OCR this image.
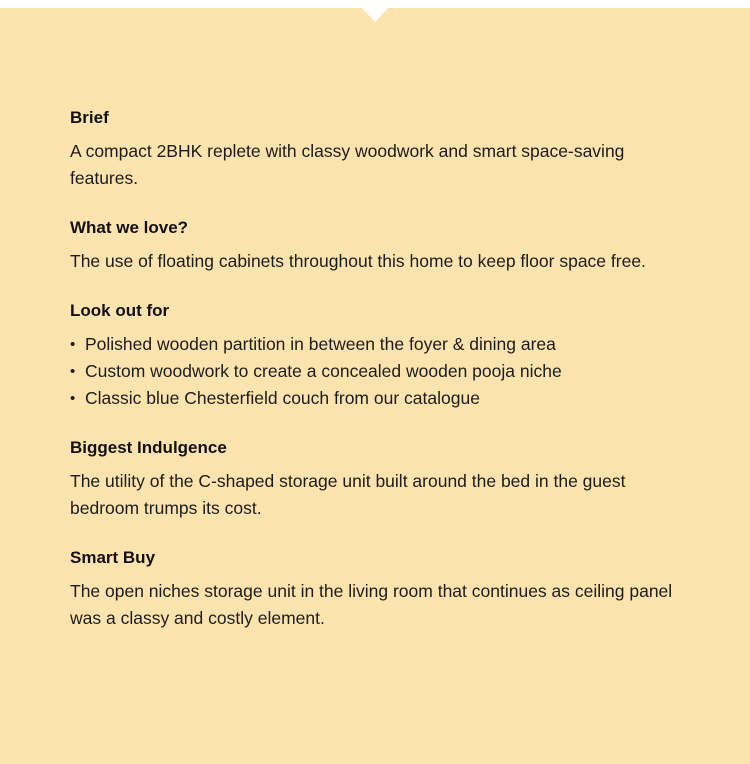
Brief

A compact 2BHK replete with classy woodwork and smart space-saving features.

What we love?

The use of floating cabinets throughout this home to keep floor space free.

Look out for
• Polished wooden partition in between the foyer & dining area
• Custom woodwork to create a concealed wooden pooja niche
• Classic blue Chesterfield couch from our catalogue
Biggest Indulgence

The utility of the C-shaped storage unit built around the bed in the guest bedroom trumps its cost.

Smart Buy

The open niches storage unit in the living room that continues as ceiling panel was a classy and costly element.
